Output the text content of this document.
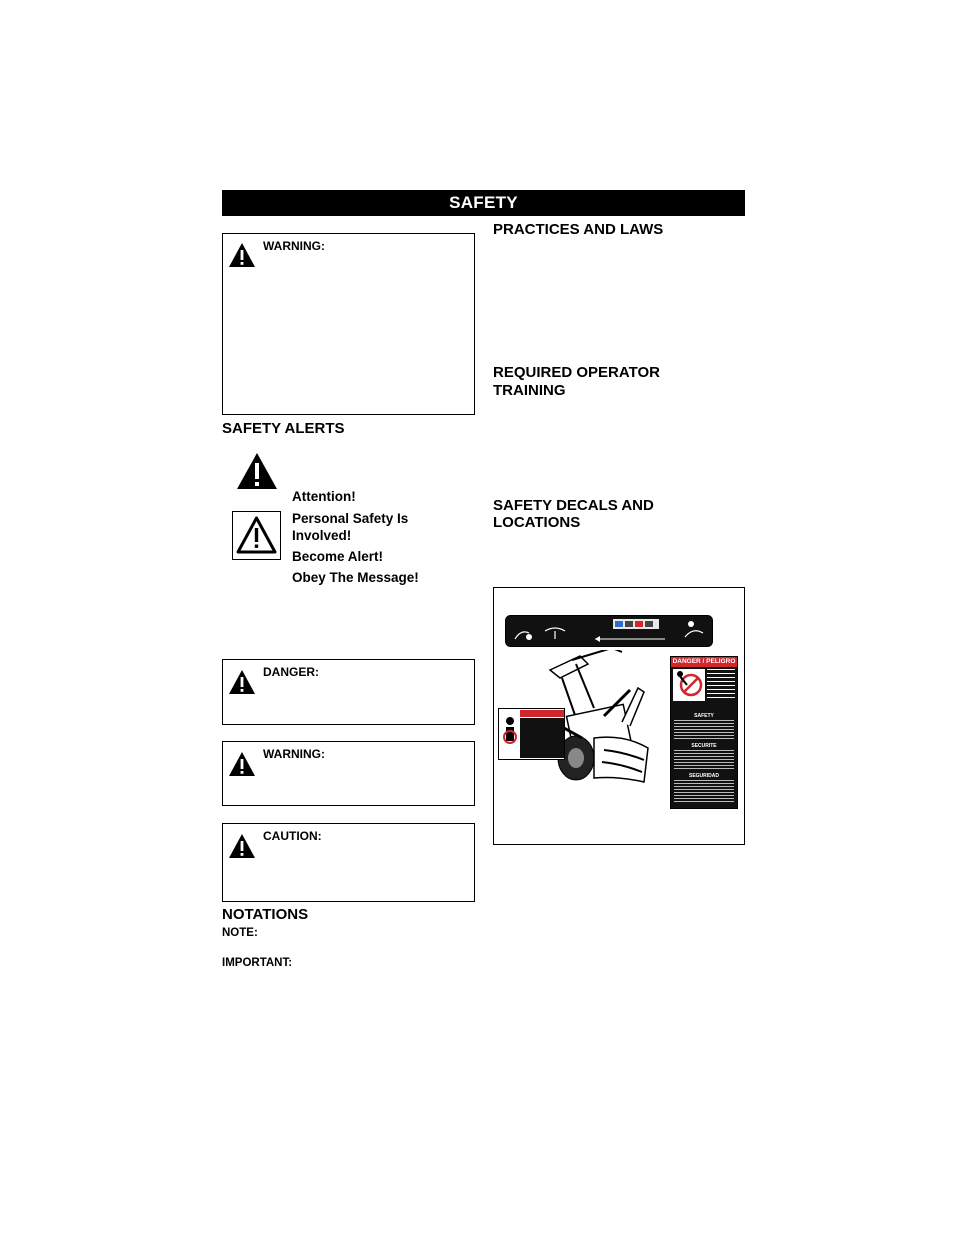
SAFETY
WARNING:
SAFETY ALERTS
Attention!
Personal Safety Is Involved!
Become Alert!
Obey The Message!
DANGER:
WARNING:
CAUTION:
NOTATIONS
NOTE:
IMPORTANT:
PRACTICES AND LAWS
REQUIRED OPERATOR
TRAINING
SAFETY DECALS AND
LOCATIONS
DANGER / PELIGRO
SAFETY
SECURITE
SEGURIDAD
